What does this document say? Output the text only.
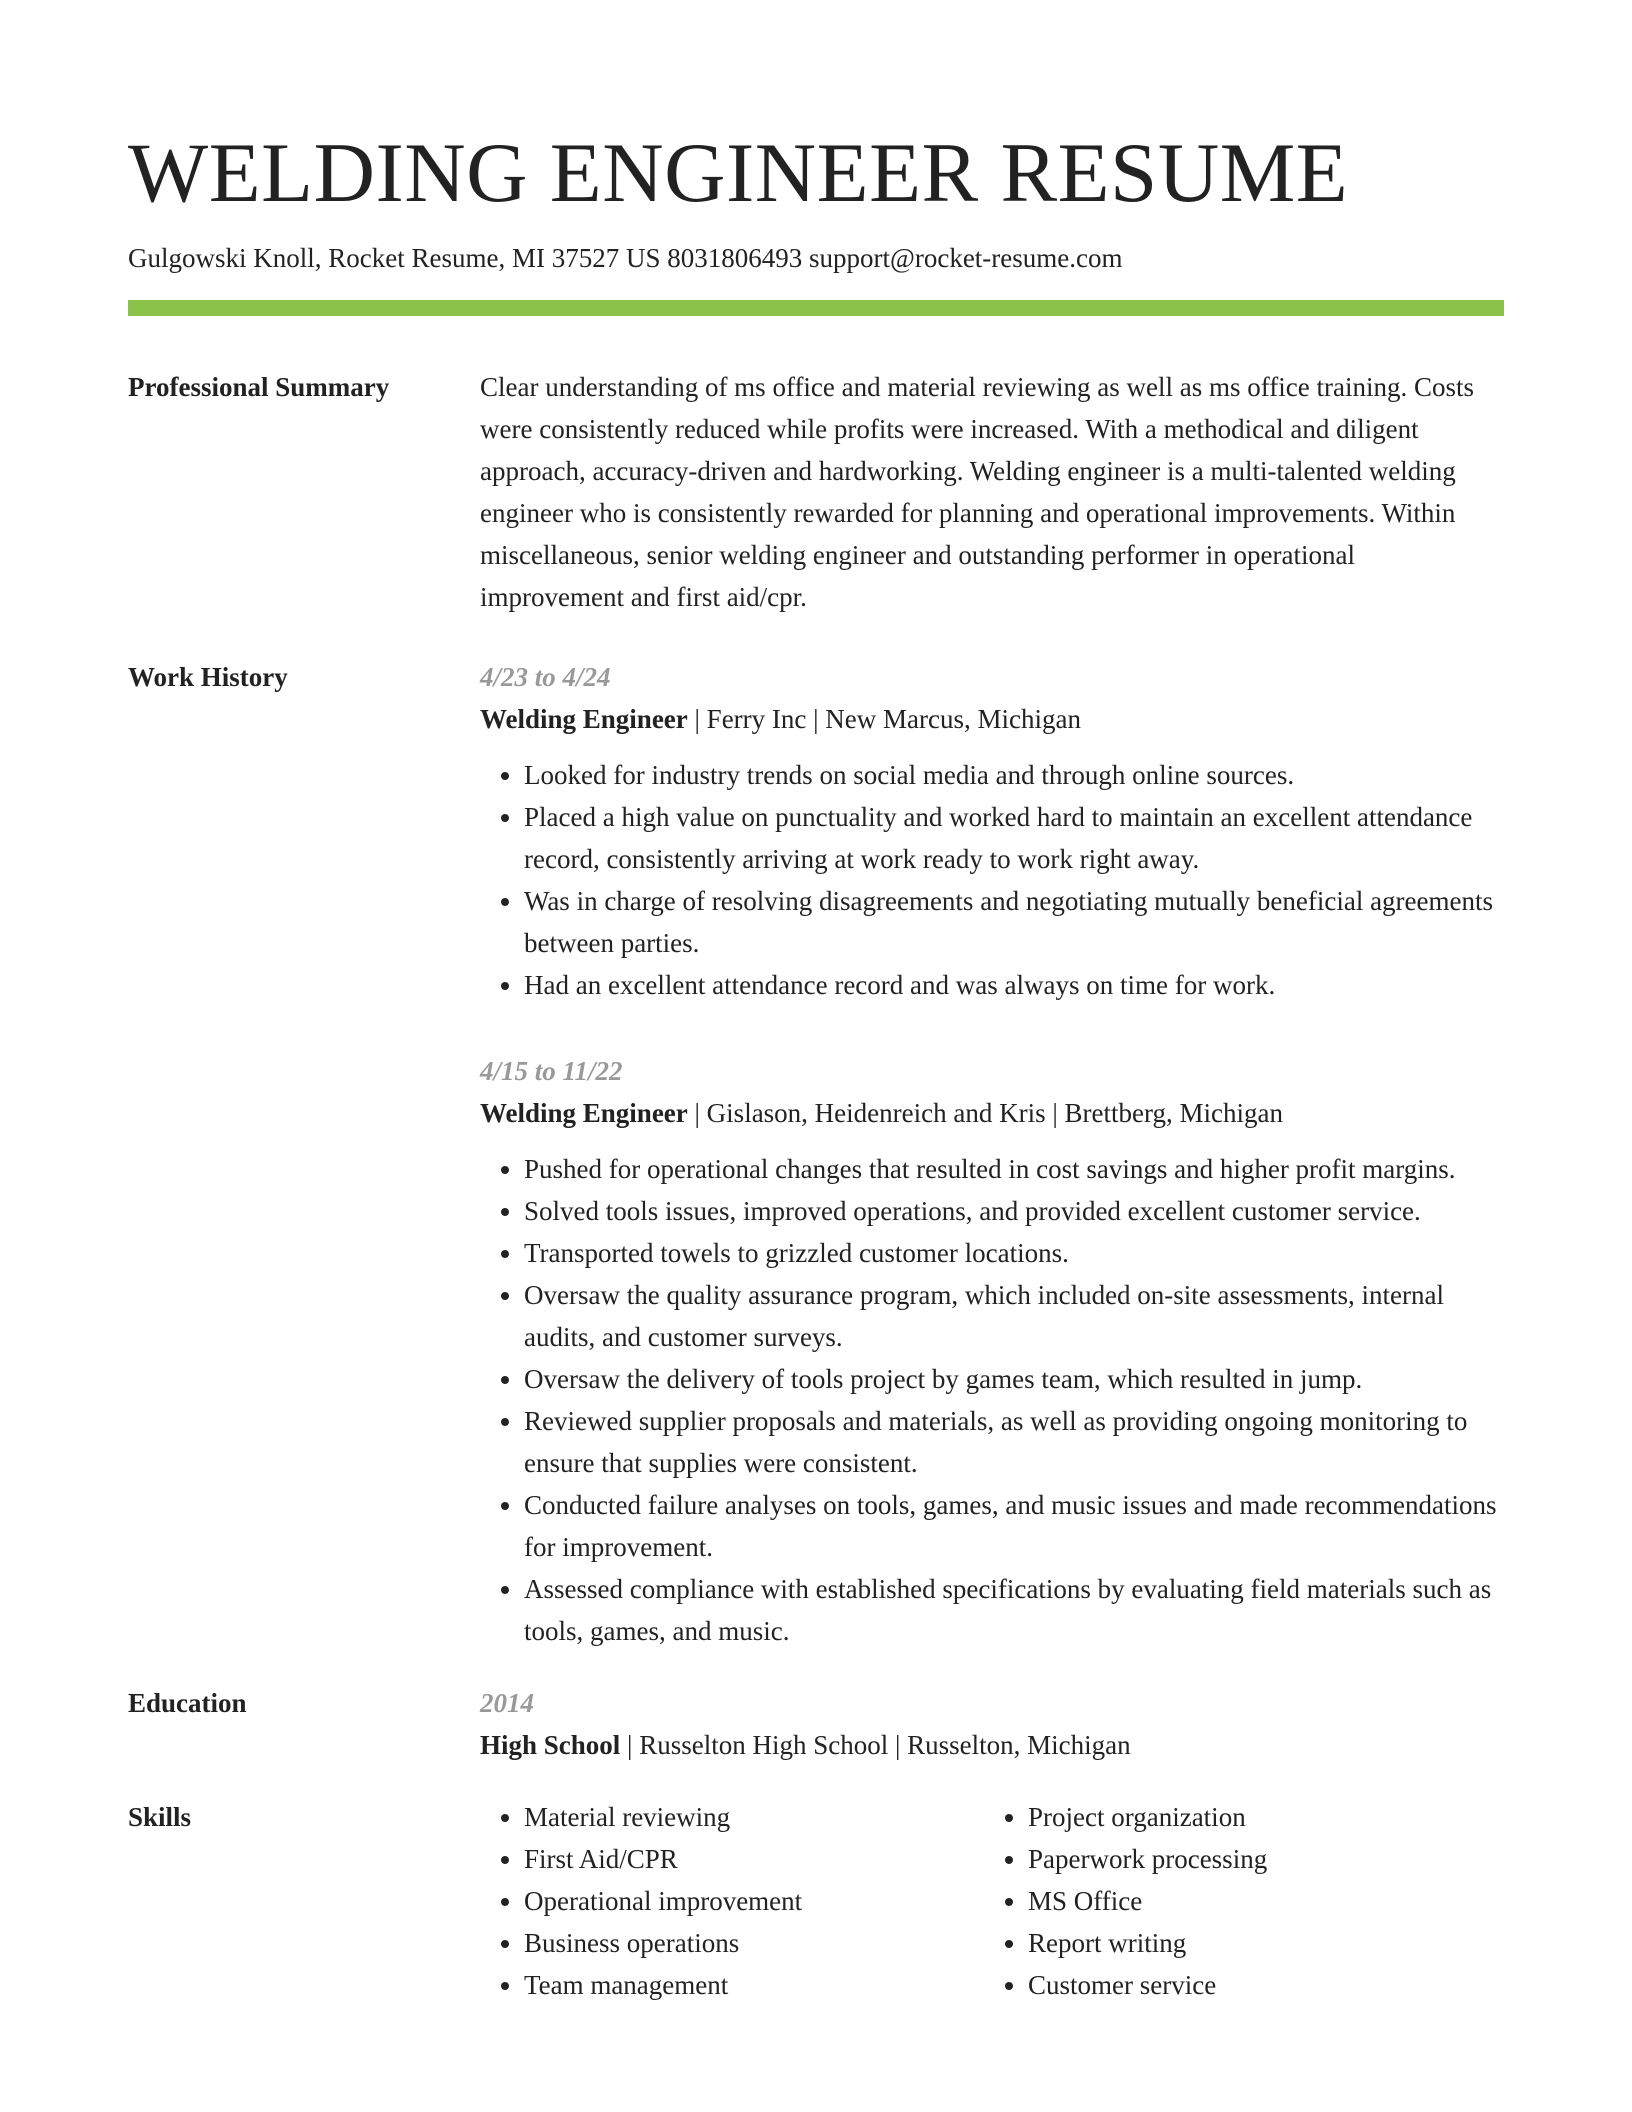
WELDING ENGINEER RESUME
Gulgowski Knoll, Rocket Resume, MI 37527 US 8031806493 support@rocket-resume.com
Professional Summary	Clear understanding of ms office and material reviewing as well as ms office training. Costs were consistently reduced while profits were increased. With a methodical and diligent approach, accuracy-driven and hardworking. Welding engineer is a multi-talented welding engineer who is consistently rewarded for planning and operational improvements. Within miscellaneous, senior welding engineer and outstanding performer in operational improvement and first aid/cpr.

Work History	4/23 to 4/24
Welding Engineer | Ferry Inc | New Marcus, Michigan
• Looked for industry trends on social media and through online sources.
• Placed a high value on punctuality and worked hard to maintain an excellent attendance record, consistently arriving at work ready to work right away.
• Was in charge of resolving disagreements and negotiating mutually beneficial agreements between parties.
• Had an excellent attendance record and was always on time for work.
4/15 to 11/22
Welding Engineer | Gislason, Heidenreich and Kris | Brettberg, Michigan
• Pushed for operational changes that resulted in cost savings and higher profit margins.
• Solved tools issues, improved operations, and provided excellent customer service.
• Transported towels to grizzled customer locations.
• Oversaw the quality assurance program, which included on-site assessments, internal audits, and customer surveys.
• Oversaw the delivery of tools project by games team, which resulted in jump.
• Reviewed supplier proposals and materials, as well as providing ongoing monitoring to ensure that supplies were consistent.
• Conducted failure analyses on tools, games, and music issues and made recommendations for improvement.
• Assessed compliance with established specifications by evaluating field materials such as tools, games, and music.
Education	2014
High School | Russelton High School | Russelton, Michigan
Skills
•	Material reviewing
• First Aid/CPR
• Operational improvement
• Business operations
• Team management
• Project organization
• Paperwork processing
• MS Office
• Report writing
• Customer service
